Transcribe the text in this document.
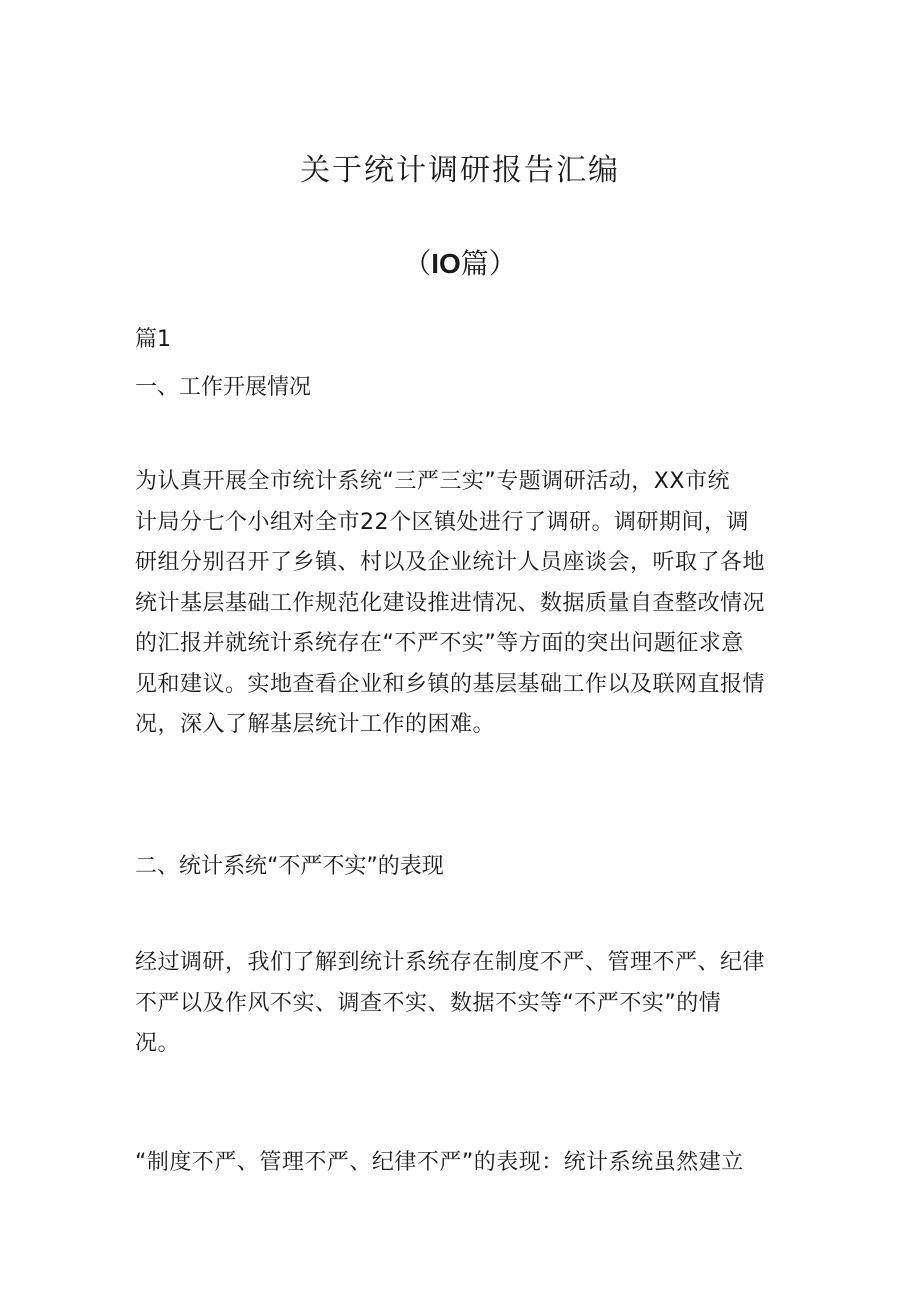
关于统计调研报告汇编
（IO篇）

篇1

一、工作开展情况

为认真开展全市统计系统“三严三实”专题调研活动，XX市统
计局分七个小组对全市22个区镇处进行了调研。调研期间，调
研组分别召开了乡镇、村以及企业统计人员座谈会，听取了各地
统计基层基础工作规范化建设推进情况、数据质量自查整改情况
的汇报并就统计系统存在“不严不实”等方面的突出问题征求意
见和建议。实地查看企业和乡镇的基层基础工作以及联网直报情
况，深入了解基层统计工作的困难。

二、统计系统“不严不实”的表现

经过调研，我们了解到统计系统存在制度不严、管理不严、纪律
不严以及作风不实、调查不实、数据不实等“不严不实”的情
况。
“制度不严、管理不严、纪律不严”的表现：统计系统虽然建立
